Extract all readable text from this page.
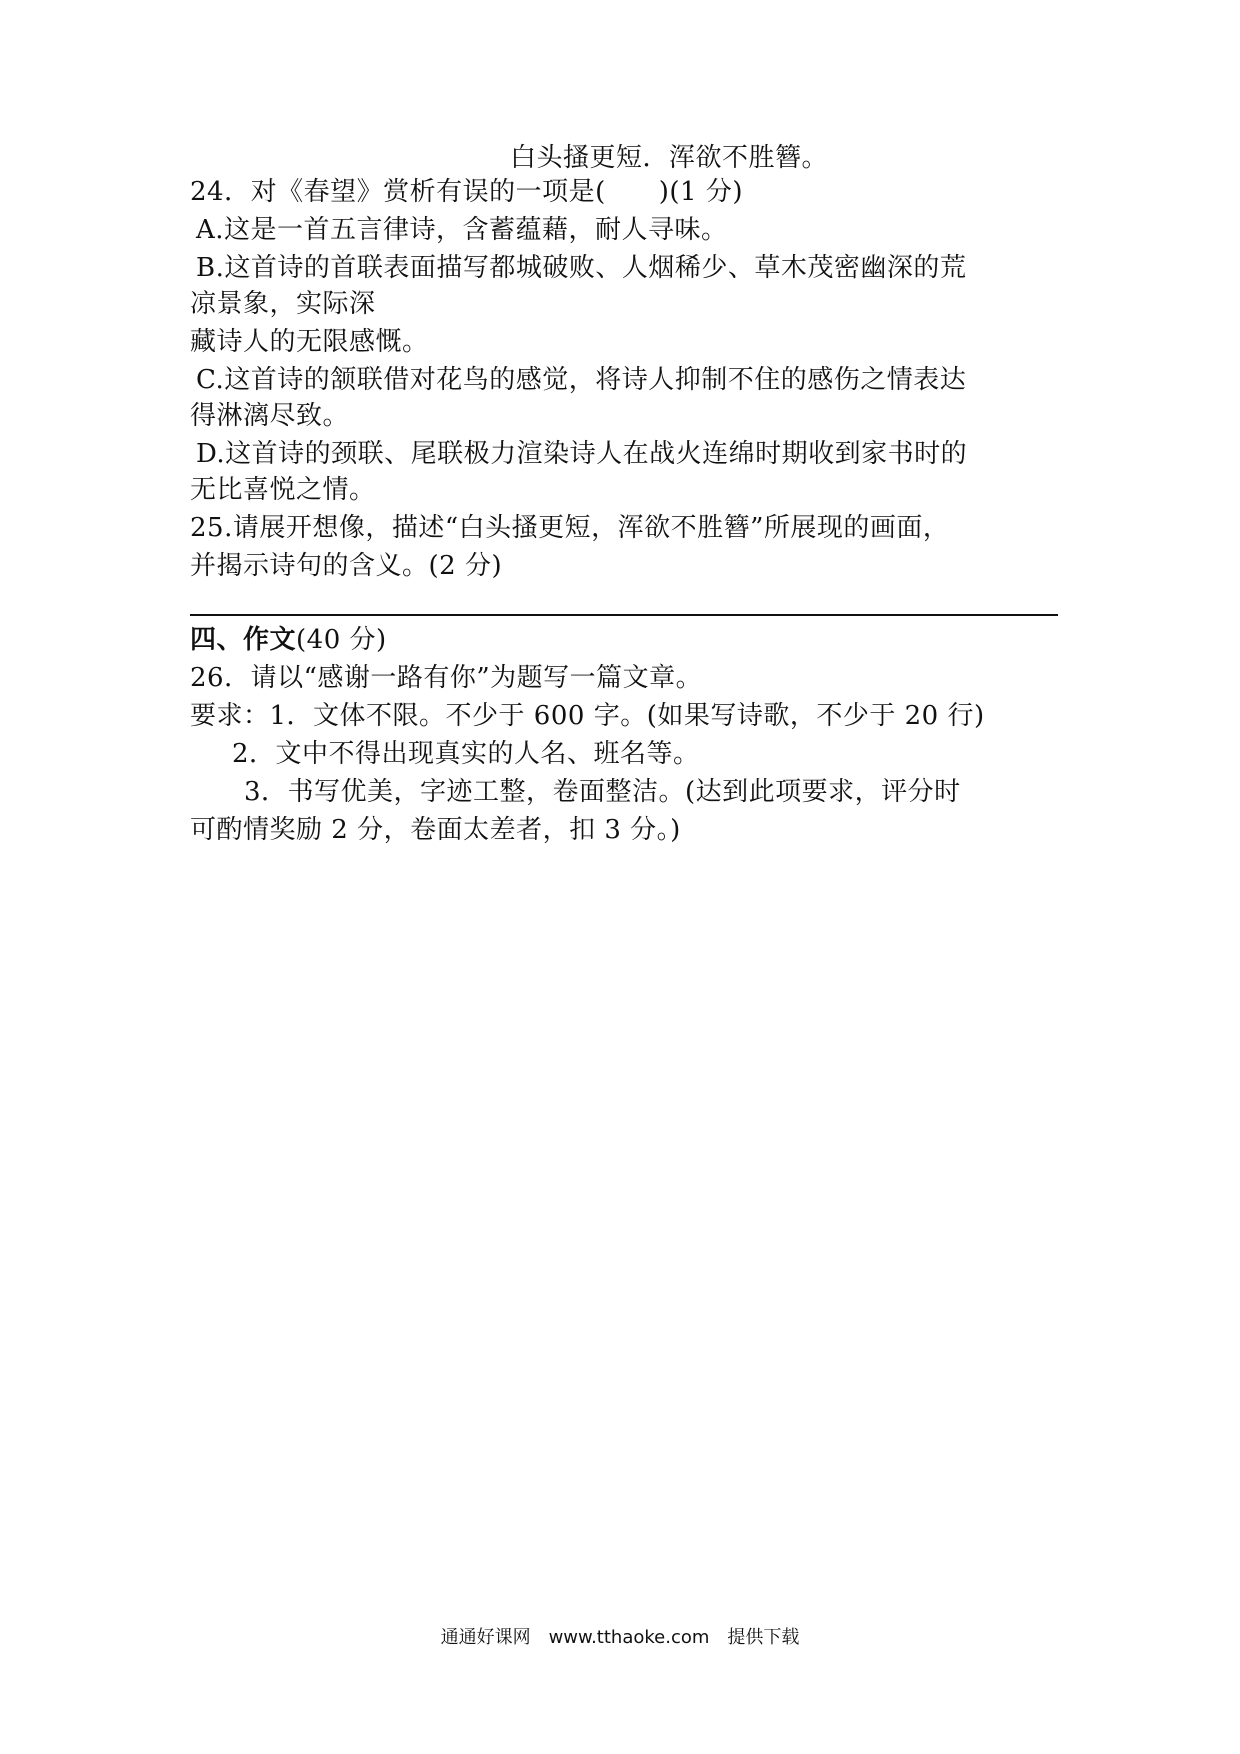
白头搔更短．浑欲不胜簪。
24．对《春望》赏析有误的一项是(　　)(1 分)
A.这是一首五言律诗，含蓄蕴藉，耐人寻味。
B.这首诗的首联表面描写都城破败、人烟稀少、草木茂密幽深的荒
凉景象，实际深
藏诗人的无限感慨。
C.这首诗的颔联借对花鸟的感觉，将诗人抑制不住的感伤之情表达
得淋漓尽致。
D.这首诗的颈联、尾联极力渲染诗人在战火连绵时期收到家书时的
无比喜悦之情。
25.请展开想像，描述“白头搔更短，浑欲不胜簪”所展现的画面，
并揭示诗句的含义。(2 分)
四、作文(40 分)
26．请以“感谢一路有你”为题写一篇文章。
要求：1．文体不限。不少于 600 字。(如果写诗歌，不少于 20 行)
2．文中不得出现真实的人名、班名等。
3．书写优美，字迹工整，卷面整洁。(达到此项要求，评分时
可酌情奖励 2 分，卷面太差者，扣 3 分。)
通通好课网　www.tthaoke.com　提供下载
